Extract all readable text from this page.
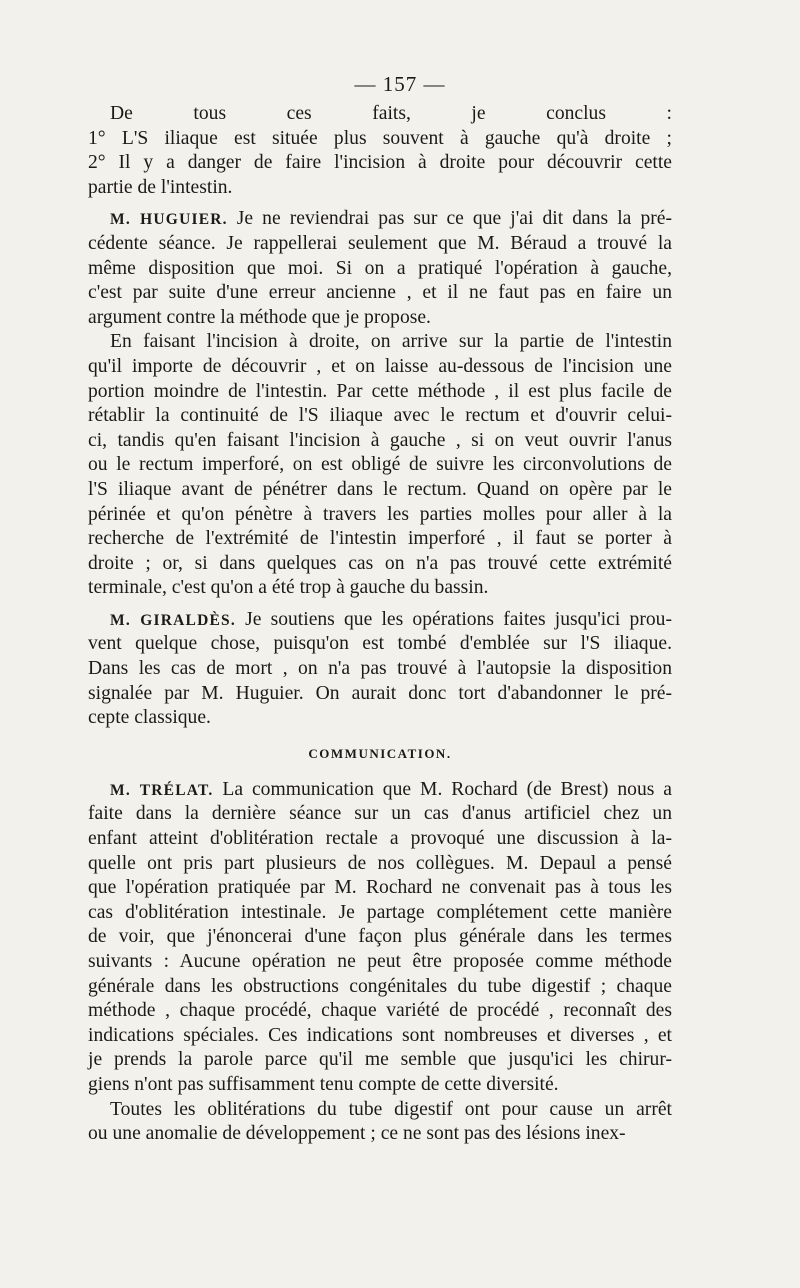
— 157 —
De tous ces faits, je conclus :
1° L'S iliaque est située plus souvent à gauche qu'à droite ;
2° Il y a danger de faire l'incision à droite pour découvrir cette
partie de l'intestin.
M. HUGUIER. Je ne reviendrai pas sur ce que j'ai dit dans la pré-
cédente séance. Je rappellerai seulement que M. Béraud a trouvé la
même disposition que moi. Si on a pratiqué l'opération à gauche,
c'est par suite d'une erreur ancienne , et il ne faut pas en faire un
argument contre la méthode que je propose.
En faisant l'incision à droite, on arrive sur la partie de l'intestin
qu'il importe de découvrir , et on laisse au-dessous de l'incision une
portion moindre de l'intestin. Par cette méthode , il est plus facile de
rétablir la continuité de l'S iliaque avec le rectum et d'ouvrir celui-
ci, tandis qu'en faisant l'incision à gauche , si on veut ouvrir l'anus
ou le rectum imperforé, on est obligé de suivre les circonvolutions de
l'S iliaque avant de pénétrer dans le rectum. Quand on opère par le
périnée et qu'on pénètre à travers les parties molles pour aller à la
recherche de l'extrémité de l'intestin imperforé , il faut se porter à
droite ; or, si dans quelques cas on n'a pas trouvé cette extrémité
terminale, c'est qu'on a été trop à gauche du bassin.
M. GIRALDÈS. Je soutiens que les opérations faites jusqu'ici prou-
vent quelque chose, puisqu'on est tombé d'emblée sur l'S iliaque.
Dans les cas de mort , on n'a pas trouvé à l'autopsie la disposition
signalée par M. Huguier. On aurait donc tort d'abandonner le pré-
cepte classique.
COMMUNICATION.
M. TRÉLAT. La communication que M. Rochard (de Brest) nous a
faite dans la dernière séance sur un cas d'anus artificiel chez un
enfant atteint d'oblitération rectale a provoqué une discussion à la-
quelle ont pris part plusieurs de nos collègues. M. Depaul a pensé
que l'opération pratiquée par M. Rochard ne convenait pas à tous les
cas d'oblitération intestinale. Je partage complétement cette manière
de voir, que j'énoncerai d'une façon plus générale dans les termes
suivants : Aucune opération ne peut être proposée comme méthode
générale dans les obstructions congénitales du tube digestif ; chaque
méthode , chaque procédé, chaque variété de procédé , reconnaît des
indications spéciales. Ces indications sont nombreuses et diverses , et
je prends la parole parce qu'il me semble que jusqu'ici les chirur-
giens n'ont pas suffisamment tenu compte de cette diversité.
Toutes les oblitérations du tube digestif ont pour cause un arrêt
ou une anomalie de développement ; ce ne sont pas des lésions inex-
